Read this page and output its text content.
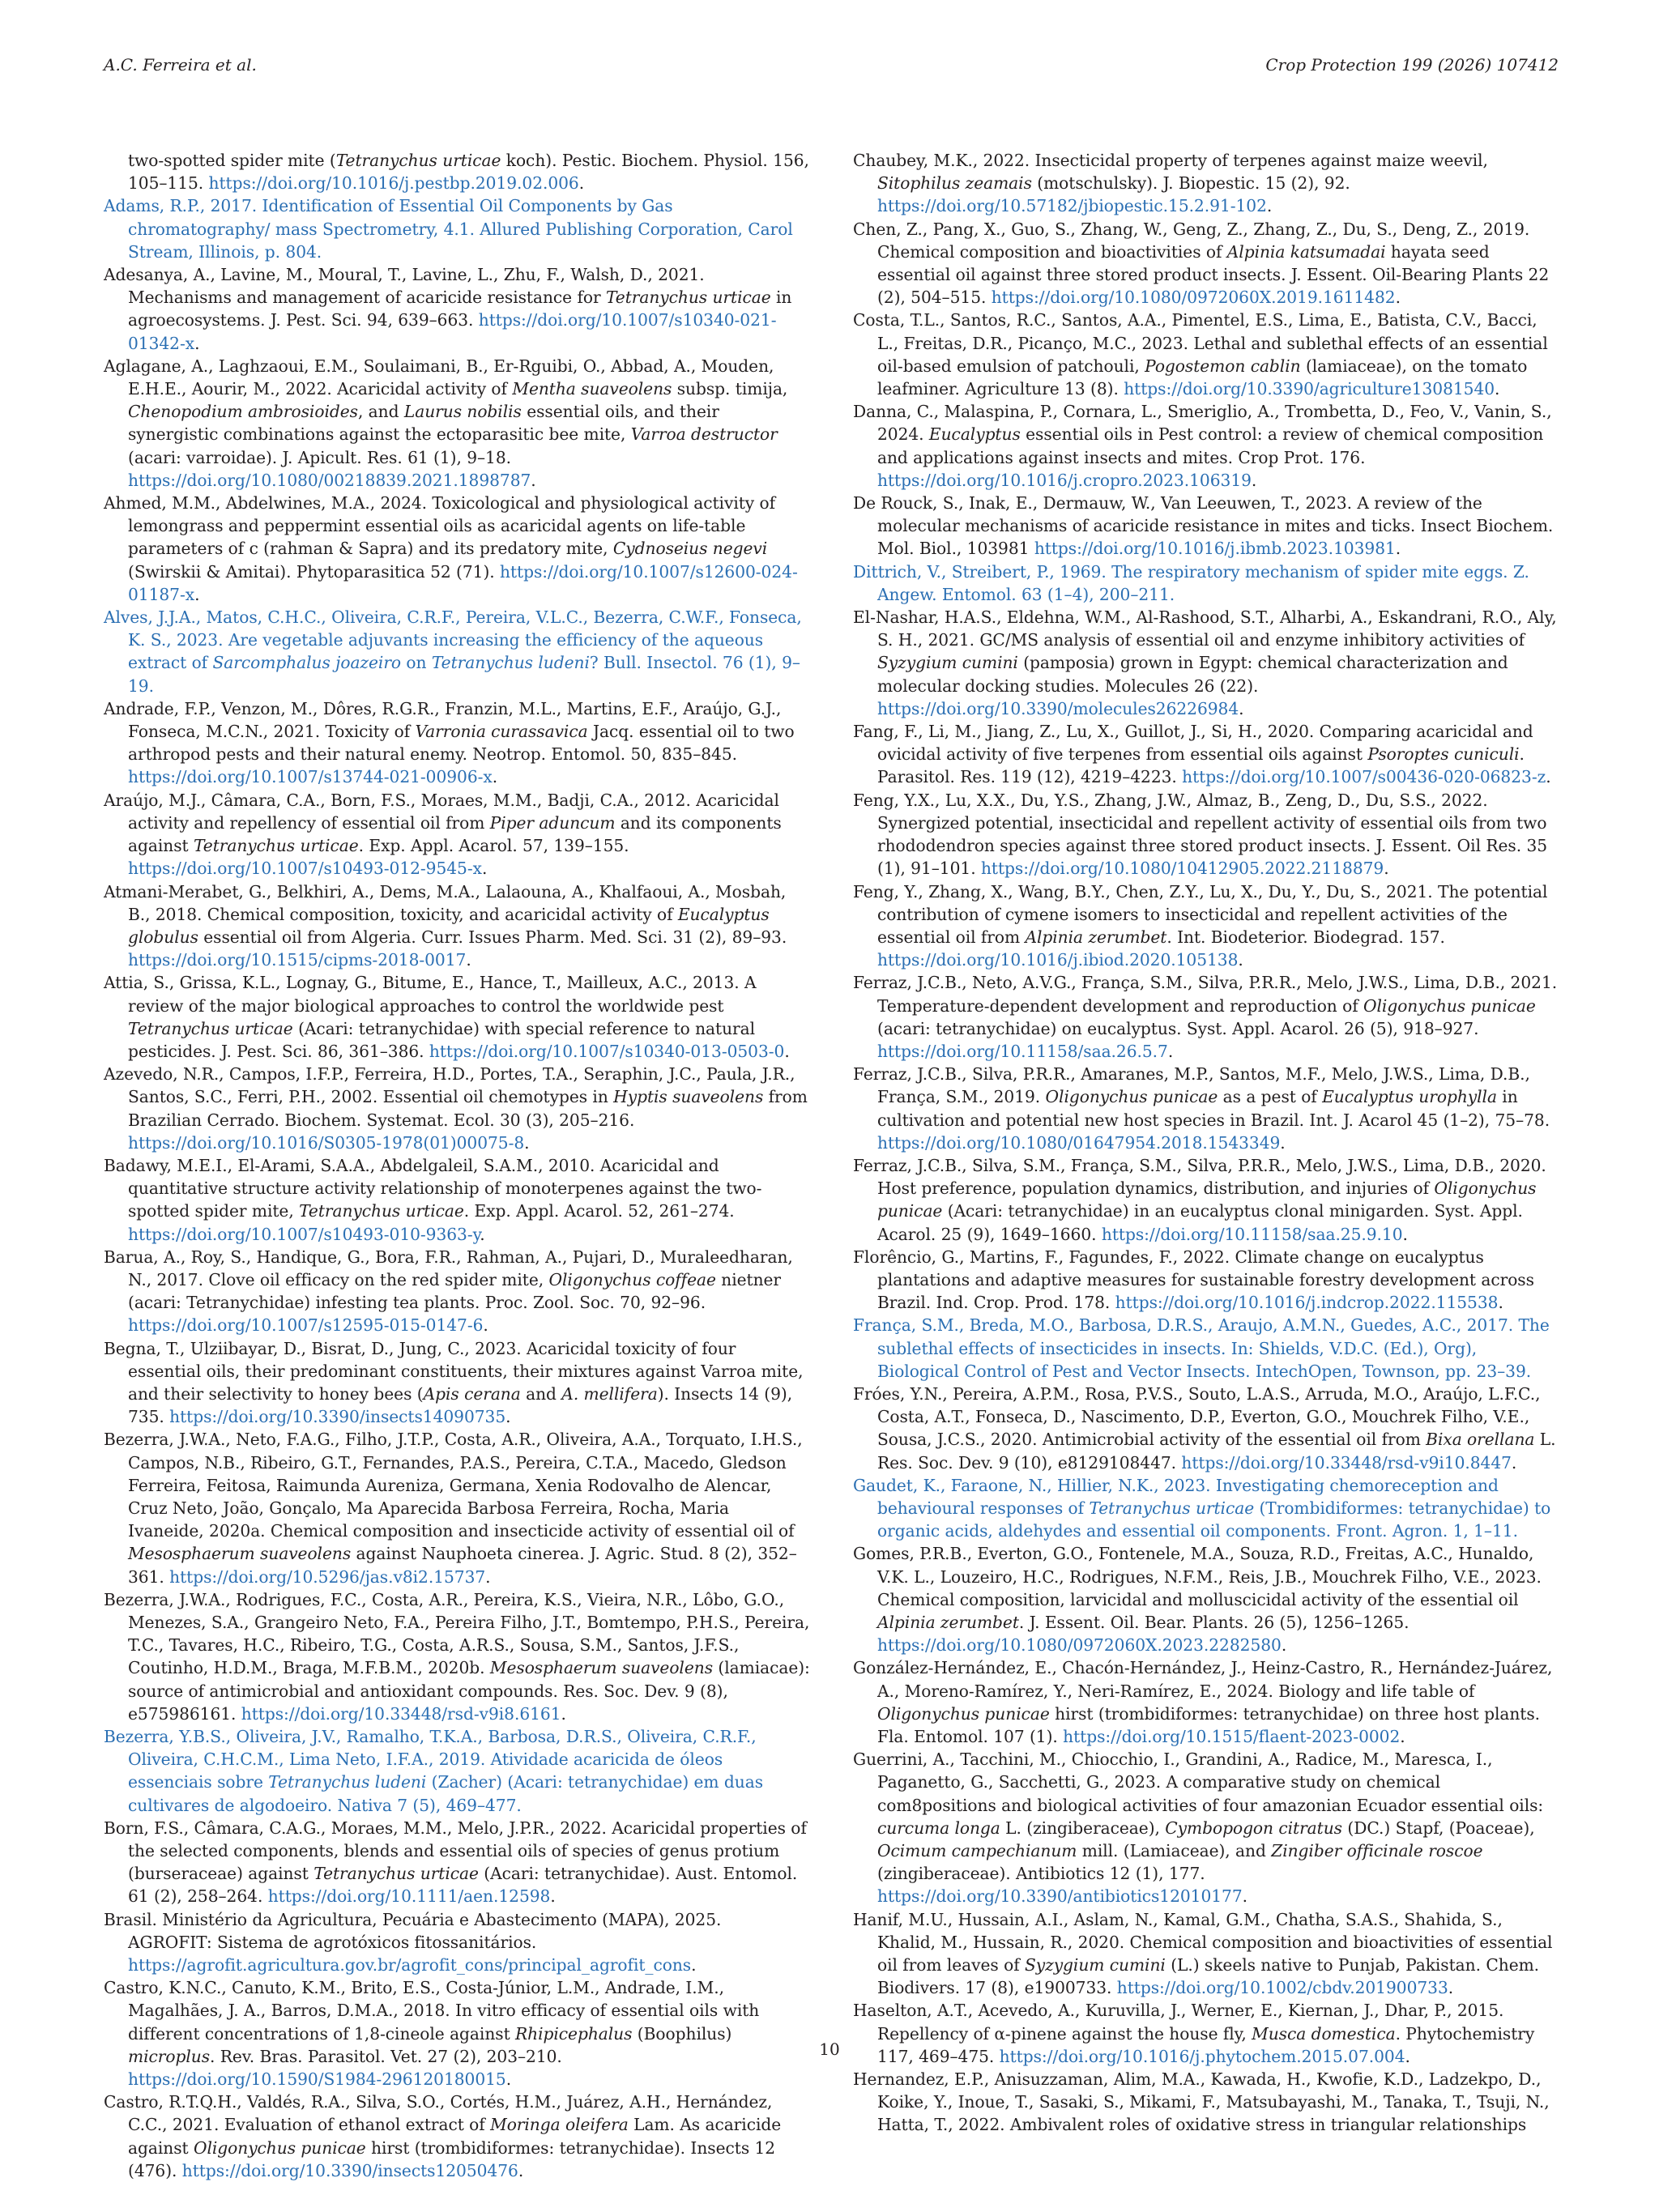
A.C. Ferreira et al.	Crop Protection 199 (2026) 107412
two-spotted spider mite (Tetranychus urticae koch). Pestic. Biochem. Physiol. 156, 105–115. https://doi.org/10.1016/j.pestbp.2019.02.006.
Adams, R.P., 2017. Identification of Essential Oil Components by Gas chromatography/ mass Spectrometry, 4.1. Allured Publishing Corporation, Carol Stream, Illinois, p. 804.
Adesanya, A., Lavine, M., Moural, T., Lavine, L., Zhu, F., Walsh, D., 2021. Mechanisms and management of acaricide resistance for Tetranychus urticae in agroecosystems. J. Pest. Sci. 94, 639–663. https://doi.org/10.1007/s10340-021-01342-x.
Aglagane, A., Laghzaoui, E.M., Soulaimani, B., Er-Rguibi, O., Abbad, A., Mouden, E.H.E., Aourir, M., 2022. Acaricidal activity of Mentha suaveolens subsp. timija, Chenopodium ambrosioides, and Laurus nobilis essential oils, and their synergistic combinations against the ectoparasitic bee mite, Varroa destructor (acari: varroidae). J. Apicult. Res. 61 (1), 9–18. https://doi.org/10.1080/00218839.2021.1898787.
Ahmed, M.M., Abdelwines, M.A., 2024. Toxicological and physiological activity of lemongrass and peppermint essential oils as acaricidal agents on life-table parameters of c (rahman & Sapra) and its predatory mite, Cydnoseius negevi (Swirskii & Amitai). Phytoparasitica 52 (71). https://doi.org/10.1007/s12600-024-01187-x.
Alves, J.J.A., Matos, C.H.C., Oliveira, C.R.F., Pereira, V.L.C., Bezerra, C.W.F., Fonseca, K. S., 2023. Are vegetable adjuvants increasing the efficiency of the aqueous extract of Sarcomphalus joazeiro on Tetranychus ludeni? Bull. Insectol. 76 (1), 9–19.
Andrade, F.P., Venzon, M., Dôres, R.G.R., Franzin, M.L., Martins, E.F., Araújo, G.J., Fonseca, M.C.N., 2021. Toxicity of Varronia curassavica Jacq. essential oil to two arthropod pests and their natural enemy. Neotrop. Entomol. 50, 835–845. https://doi.org/10.1007/s13744-021-00906-x.
Araújo, M.J., Câmara, C.A., Born, F.S., Moraes, M.M., Badji, C.A., 2012. Acaricidal activity and repellency of essential oil from Piper aduncum and its components against Tetranychus urticae. Exp. Appl. Acarol. 57, 139–155. https://doi.org/10.1007/s10493-012-9545-x.
Atmani-Merabet, G., Belkhiri, A., Dems, M.A., Lalaouna, A., Khalfaoui, A., Mosbah, B., 2018. Chemical composition, toxicity, and acaricidal activity of Eucalyptus globulus essential oil from Algeria. Curr. Issues Pharm. Med. Sci. 31 (2), 89–93. https://doi.org/10.1515/cipms-2018-0017.
Attia, S., Grissa, K.L., Lognay, G., Bitume, E., Hance, T., Mailleux, A.C., 2013. A review of the major biological approaches to control the worldwide pest Tetranychus urticae (Acari: tetranychidae) with special reference to natural pesticides. J. Pest. Sci. 86, 361–386. https://doi.org/10.1007/s10340-013-0503-0.
Azevedo, N.R., Campos, I.F.P., Ferreira, H.D., Portes, T.A., Seraphin, J.C., Paula, J.R., Santos, S.C., Ferri, P.H., 2002. Essential oil chemotypes in Hyptis suaveolens from Brazilian Cerrado. Biochem. Systemat. Ecol. 30 (3), 205–216. https://doi.org/10.1016/S0305-1978(01)00075-8.
Badawy, M.E.I., El-Arami, S.A.A., Abdelgaleil, S.A.M., 2010. Acaricidal and quantitative structure activity relationship of monoterpenes against the two-spotted spider mite, Tetranychus urticae. Exp. Appl. Acarol. 52, 261–274. https://doi.org/10.1007/s10493-010-9363-y.
Barua, A., Roy, S., Handique, G., Bora, F.R., Rahman, A., Pujari, D., Muraleedharan, N., 2017. Clove oil efficacy on the red spider mite, Oligonychus coffeae nietner (acari: Tetranychidae) infesting tea plants. Proc. Zool. Soc. 70, 92–96. https://doi.org/10.1007/s12595-015-0147-6.
Begna, T., Ulziibayar, D., Bisrat, D., Jung, C., 2023. Acaricidal toxicity of four essential oils, their predominant constituents, their mixtures against Varroa mite, and their selectivity to honey bees (Apis cerana and A. mellifera). Insects 14 (9), 735. https://doi.org/10.3390/insects14090735.
Bezerra, J.W.A., Neto, F.A.G., Filho, J.T.P., Costa, A.R., Oliveira, A.A., Torquato, I.H.S., Campos, N.B., Ribeiro, G.T., Fernandes, P.A.S., Pereira, C.T.A., Macedo, Gledson Ferreira, Feitosa, Raimunda Aureniza, Germana, Xenia Rodovalho de Alencar, Cruz Neto, João, Gonçalo, Ma Aparecida Barbosa Ferreira, Rocha, Maria Ivaneide, 2020a. Chemical composition and insecticide activity of essential oil of Mesosphaerum suaveolens against Nauphoeta cinerea. J. Agric. Stud. 8 (2), 352–361. https://doi.org/10.5296/jas.v8i2.15737.
Bezerra, J.W.A., Rodrigues, F.C., Costa, A.R., Pereira, K.S., Vieira, N.R., Lôbo, G.O., Menezes, S.A., Grangeiro Neto, F.A., Pereira Filho, J.T., Bomtempo, P.H.S., Pereira, T.C., Tavares, H.C., Ribeiro, T.G., Costa, A.R.S., Sousa, S.M., Santos, J.F.S., Coutinho, H.D.M., Braga, M.F.B.M., 2020b. Mesosphaerum suaveolens (lamiacae): source of antimicrobial and antioxidant compounds. Res. Soc. Dev. 9 (8), e575986161. https://doi.org/10.33448/rsd-v9i8.6161.
Bezerra, Y.B.S., Oliveira, J.V., Ramalho, T.K.A., Barbosa, D.R.S., Oliveira, C.R.F., Oliveira, C.H.C.M., Lima Neto, I.F.A., 2019. Atividade acaricida de óleos essenciais sobre Tetranychus ludeni (Zacher) (Acari: tetranychidae) em duas cultivares de algodoeiro. Nativa 7 (5), 469–477.
Born, F.S., Câmara, C.A.G., Moraes, M.M., Melo, J.P.R., 2022. Acaricidal properties of the selected components, blends and essential oils of species of genus protium (burseraceae) against Tetranychus urticae (Acari: tetranychidae). Aust. Entomol. 61 (2), 258–264. https://doi.org/10.1111/aen.12598.
Brasil. Ministério da Agricultura, Pecuária e Abastecimento (MAPA), 2025. AGROFIT: Sistema de agrotóxicos fitossanitários. https://agrofit.agricultura.gov.br/agrofit_cons/principal_agrofit_cons.
Castro, K.N.C., Canuto, K.M., Brito, E.S., Costa-Júnior, L.M., Andrade, I.M., Magalhães, J. A., Barros, D.M.A., 2018. In vitro efficacy of essential oils with different concentrations of 1,8-cineole against Rhipicephalus (Boophilus) microplus. Rev. Bras. Parasitol. Vet. 27 (2), 203–210. https://doi.org/10.1590/S1984-296120180015.
Castro, R.T.Q.H., Valdés, R.A., Silva, S.O., Cortés, H.M., Juárez, A.H., Hernández, C.C., 2021. Evaluation of ethanol extract of Moringa oleifera Lam. As acaricide against Oligonychus punicae hirst (trombidiformes: tetranychidae). Insects 12 (476). https://doi.org/10.3390/insects12050476.
Chaubey, M.K., 2022. Insecticidal property of terpenes against maize weevil, Sitophilus zeamais (motschulsky). J. Biopestic. 15 (2), 92. https://doi.org/10.57182/jbiopestic.15.2.91-102.
Chen, Z., Pang, X., Guo, S., Zhang, W., Geng, Z., Zhang, Z., Du, S., Deng, Z., 2019. Chemical composition and bioactivities of Alpinia katsumadai hayata seed essential oil against three stored product insects. J. Essent. Oil-Bearing Plants 22 (2), 504–515. https://doi.org/10.1080/0972060X.2019.1611482.
Costa, T.L., Santos, R.C., Santos, A.A., Pimentel, E.S., Lima, E., Batista, C.V., Bacci, L., Freitas, D.R., Picanço, M.C., 2023. Lethal and sublethal effects of an essential oil-based emulsion of patchouli, Pogostemon cablin (lamiaceae), on the tomato leafminer. Agriculture 13 (8). https://doi.org/10.3390/agriculture13081540.
Danna, C., Malaspina, P., Cornara, L., Smeriglio, A., Trombetta, D., Feo, V., Vanin, S., 2024. Eucalyptus essential oils in Pest control: a review of chemical composition and applications against insects and mites. Crop Prot. 176. https://doi.org/10.1016/j.cropro.2023.106319.
De Rouck, S., Inak, E., Dermauw, W., Van Leeuwen, T., 2023. A review of the molecular mechanisms of acaricide resistance in mites and ticks. Insect Biochem. Mol. Biol., 103981 https://doi.org/10.1016/j.ibmb.2023.103981.
Dittrich, V., Streibert, P., 1969. The respiratory mechanism of spider mite eggs. Z. Angew. Entomol. 63 (1–4), 200–211.
El-Nashar, H.A.S., Eldehna, W.M., Al-Rashood, S.T., Alharbi, A., Eskandrani, R.O., Aly, S. H., 2021. GC/MS analysis of essential oil and enzyme inhibitory activities of Syzygium cumini (pamposia) grown in Egypt: chemical characterization and molecular docking studies. Molecules 26 (22). https://doi.org/10.3390/molecules26226984.
Fang, F., Li, M., Jiang, Z., Lu, X., Guillot, J., Si, H., 2020. Comparing acaricidal and ovicidal activity of five terpenes from essential oils against Psoroptes cuniculi. Parasitol. Res. 119 (12), 4219–4223. https://doi.org/10.1007/s00436-020-06823-z.
Feng, Y.X., Lu, X.X., Du, Y.S., Zhang, J.W., Almaz, B., Zeng, D., Du, S.S., 2022. Synergized potential, insecticidal and repellent activity of essential oils from two rhododendron species against three stored product insects. J. Essent. Oil Res. 35 (1), 91–101. https://doi.org/10.1080/10412905.2022.2118879.
Feng, Y., Zhang, X., Wang, B.Y., Chen, Z.Y., Lu, X., Du, Y., Du, S., 2021. The potential contribution of cymene isomers to insecticidal and repellent activities of the essential oil from Alpinia zerumbet. Int. Biodeterior. Biodegrad. 157. https://doi.org/10.1016/j.ibiod.2020.105138.
Ferraz, J.C.B., Neto, A.V.G., França, S.M., Silva, P.R.R., Melo, J.W.S., Lima, D.B., 2021. Temperature-dependent development and reproduction of Oligonychus punicae (acari: tetranychidae) on eucalyptus. Syst. Appl. Acarol. 26 (5), 918–927. https://doi.org/10.11158/saa.26.5.7.
Ferraz, J.C.B., Silva, P.R.R., Amaranes, M.P., Santos, M.F., Melo, J.W.S., Lima, D.B., França, S.M., 2019. Oligonychus punicae as a pest of Eucalyptus urophylla in cultivation and potential new host species in Brazil. Int. J. Acarol 45 (1–2), 75–78. https://doi.org/10.1080/01647954.2018.1543349.
Ferraz, J.C.B., Silva, S.M., França, S.M., Silva, P.R.R., Melo, J.W.S., Lima, D.B., 2020. Host preference, population dynamics, distribution, and injuries of Oligonychus punicae (Acari: tetranychidae) in an eucalyptus clonal minigarden. Syst. Appl. Acarol. 25 (9), 1649–1660. https://doi.org/10.11158/saa.25.9.10.
Florêncio, G., Martins, F., Fagundes, F., 2022. Climate change on eucalyptus plantations and adaptive measures for sustainable forestry development across Brazil. Ind. Crop. Prod. 178. https://doi.org/10.1016/j.indcrop.2022.115538.
França, S.M., Breda, M.O., Barbosa, D.R.S., Araujo, A.M.N., Guedes, A.C., 2017. The sublethal effects of insecticides in insects. In: Shields, V.D.C. (Ed.), Org), Biological Control of Pest and Vector Insects. IntechOpen, Townson, pp. 23–39.
Fróes, Y.N., Pereira, A.P.M., Rosa, P.V.S., Souto, L.A.S., Arruda, M.O., Araújo, L.F.C., Costa, A.T., Fonseca, D., Nascimento, D.P., Everton, G.O., Mouchrek Filho, V.E., Sousa, J.C.S., 2020. Antimicrobial activity of the essential oil from Bixa orellana L. Res. Soc. Dev. 9 (10), e8129108447. https://doi.org/10.33448/rsd-v9i10.8447.
Gaudet, K., Faraone, N., Hillier, N.K., 2023. Investigating chemoreception and behavioural responses of Tetranychus urticae (Trombidiformes: tetranychidae) to organic acids, aldehydes and essential oil components. Front. Agron. 1, 1–11.
Gomes, P.R.B., Everton, G.O., Fontenele, M.A., Souza, R.D., Freitas, A.C., Hunaldo, V.K. L., Louzeiro, H.C., Rodrigues, N.F.M., Reis, J.B., Mouchrek Filho, V.E., 2023. Chemical composition, larvicidal and molluscicidal activity of the essential oil Alpinia zerumbet. J. Essent. Oil. Bear. Plants. 26 (5), 1256–1265. https://doi.org/10.1080/0972060X.2023.2282580.
González-Hernández, E., Chacón-Hernández, J., Heinz-Castro, R., Hernández-Juárez, A., Moreno-Ramírez, Y., Neri-Ramírez, E., 2024. Biology and life table of Oligonychus punicae hirst (trombidiformes: tetranychidae) on three host plants. Fla. Entomol. 107 (1). https://doi.org/10.1515/flaent-2023-0002.
Guerrini, A., Tacchini, M., Chiocchio, I., Grandini, A., Radice, M., Maresca, I., Paganetto, G., Sacchetti, G., 2023. A comparative study on chemical com8positions and biological activities of four amazonian Ecuador essential oils: curcuma longa L. (zingiberaceae), Cymbopogon citratus (DC.) Stapf, (Poaceae), Ocimum campechianum mill. (Lamiaceae), and Zingiber officinale roscoe (zingiberaceae). Antibiotics 12 (1), 177. https://doi.org/10.3390/antibiotics12010177.
Hanif, M.U., Hussain, A.I., Aslam, N., Kamal, G.M., Chatha, S.A.S., Shahida, S., Khalid, M., Hussain, R., 2020. Chemical composition and bioactivities of essential oil from leaves of Syzygium cumini (L.) skeels native to Punjab, Pakistan. Chem. Biodivers. 17 (8), e1900733. https://doi.org/10.1002/cbdv.201900733.
Haselton, A.T., Acevedo, A., Kuruvilla, J., Werner, E., Kiernan, J., Dhar, P., 2015. Repellency of α-pinene against the house fly, Musca domestica. Phytochemistry 117, 469–475. https://doi.org/10.1016/j.phytochem.2015.07.004.
Hernandez, E.P., Anisuzzaman, Alim, M.A., Kawada, H., Kwofie, K.D., Ladzekpo, D., Koike, Y., Inoue, T., Sasaki, S., Mikami, F., Matsubayashi, M., Tanaka, T., Tsuji, N., Hatta, T., 2022. Ambivalent roles of oxidative stress in triangular relationships
10
